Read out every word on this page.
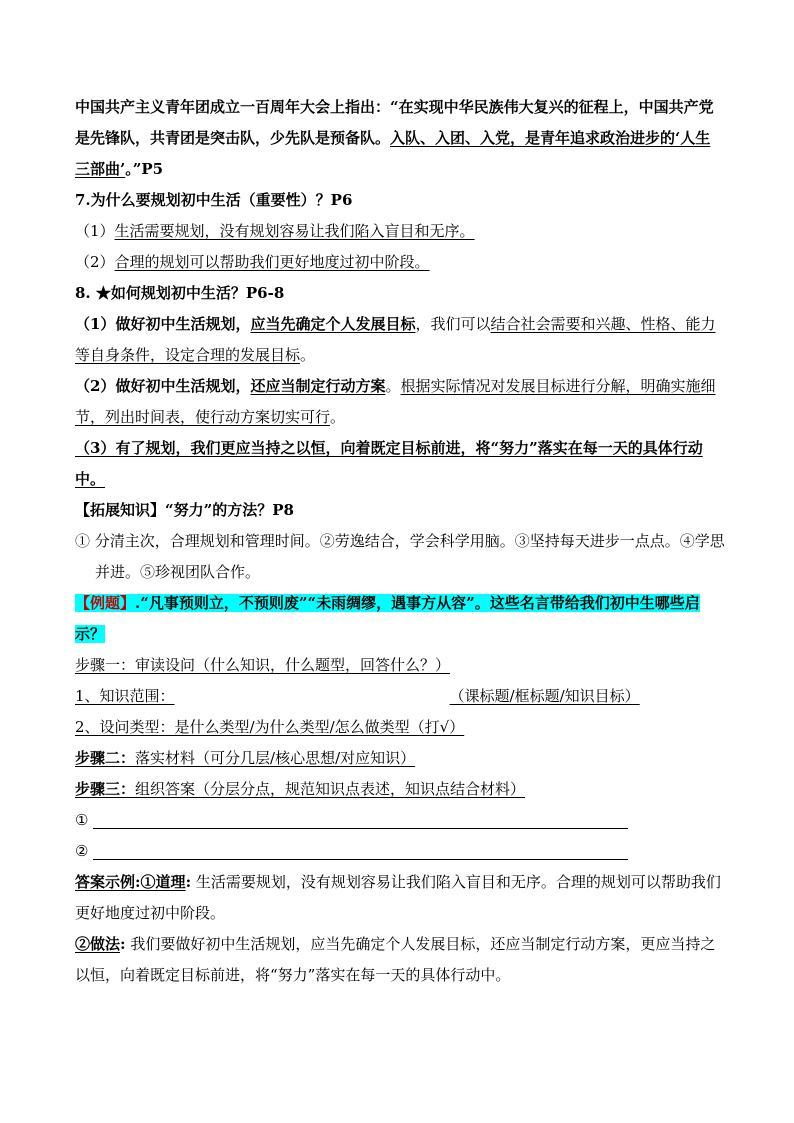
中国共产主义青年团成立一百周年大会上指出：“在实现中华民族伟大复兴的征程上，中国共产党是先锋队，共青团是突击队，少先队是预备队。入队、入团、入党，是青年追求政治进步的‘人生三部曲’。”P5

7.为什么要规划初中生活（重要性）？P6

（1）生活需要规划，没有规划容易让我们陷入盲目和无序。

（2）合理的规划可以帮助我们更好地度过初中阶段。

8. ★如何规划初中生活？P6-8

（1）做好初中生活规划，应当先确定个人发展目标，我们可以结合社会需要和兴趣、性格、能力等自身条件，设定合理的发展目标。

（2）做好初中生活规划，还应当制定行动方案。根据实际情况对发展目标进行分解，明确实施细节，列出时间表，使行动方案切实可行。

（3）有了规划，我们更应当持之以恒，向着既定目标前进，将“努力”落实在每一天的具体行动中。

【拓展知识】“努力”的方法？P8

① 分清主次，合理规划和管理时间。②劳逸结合，学会科学用脑。③坚持每天进步一点点。④学思并进。⑤珍视团队合作。

【例题】.“凡事预则立，不预则废”“未雨绸缪，遇事方从容”。这些名言带给我们初中生哪些启示？

步骤一：审读设问（什么知识，什么题型，回答什么？）

1、知识范围：	（课标题/框标题/知识目标）

2、设问类型：是什么类型/为什么类型/怎么做类型（打√）

步骤二：落实材料（可分几层/核心思想/对应知识）

步骤三：组织答案（分层分点，规范知识点表述，知识点结合材料）

①

②

答案示例:①道理: 生活需要规划，没有规划容易让我们陷入盲目和无序。合理的规划可以帮助我们更好地度过初中阶段。

②做法: 我们要做好初中生活规划，应当先确定个人发展目标，还应当制定行动方案，更应当持之以恒，向着既定目标前进，将“努力”落实在每一天的具体行动中。
